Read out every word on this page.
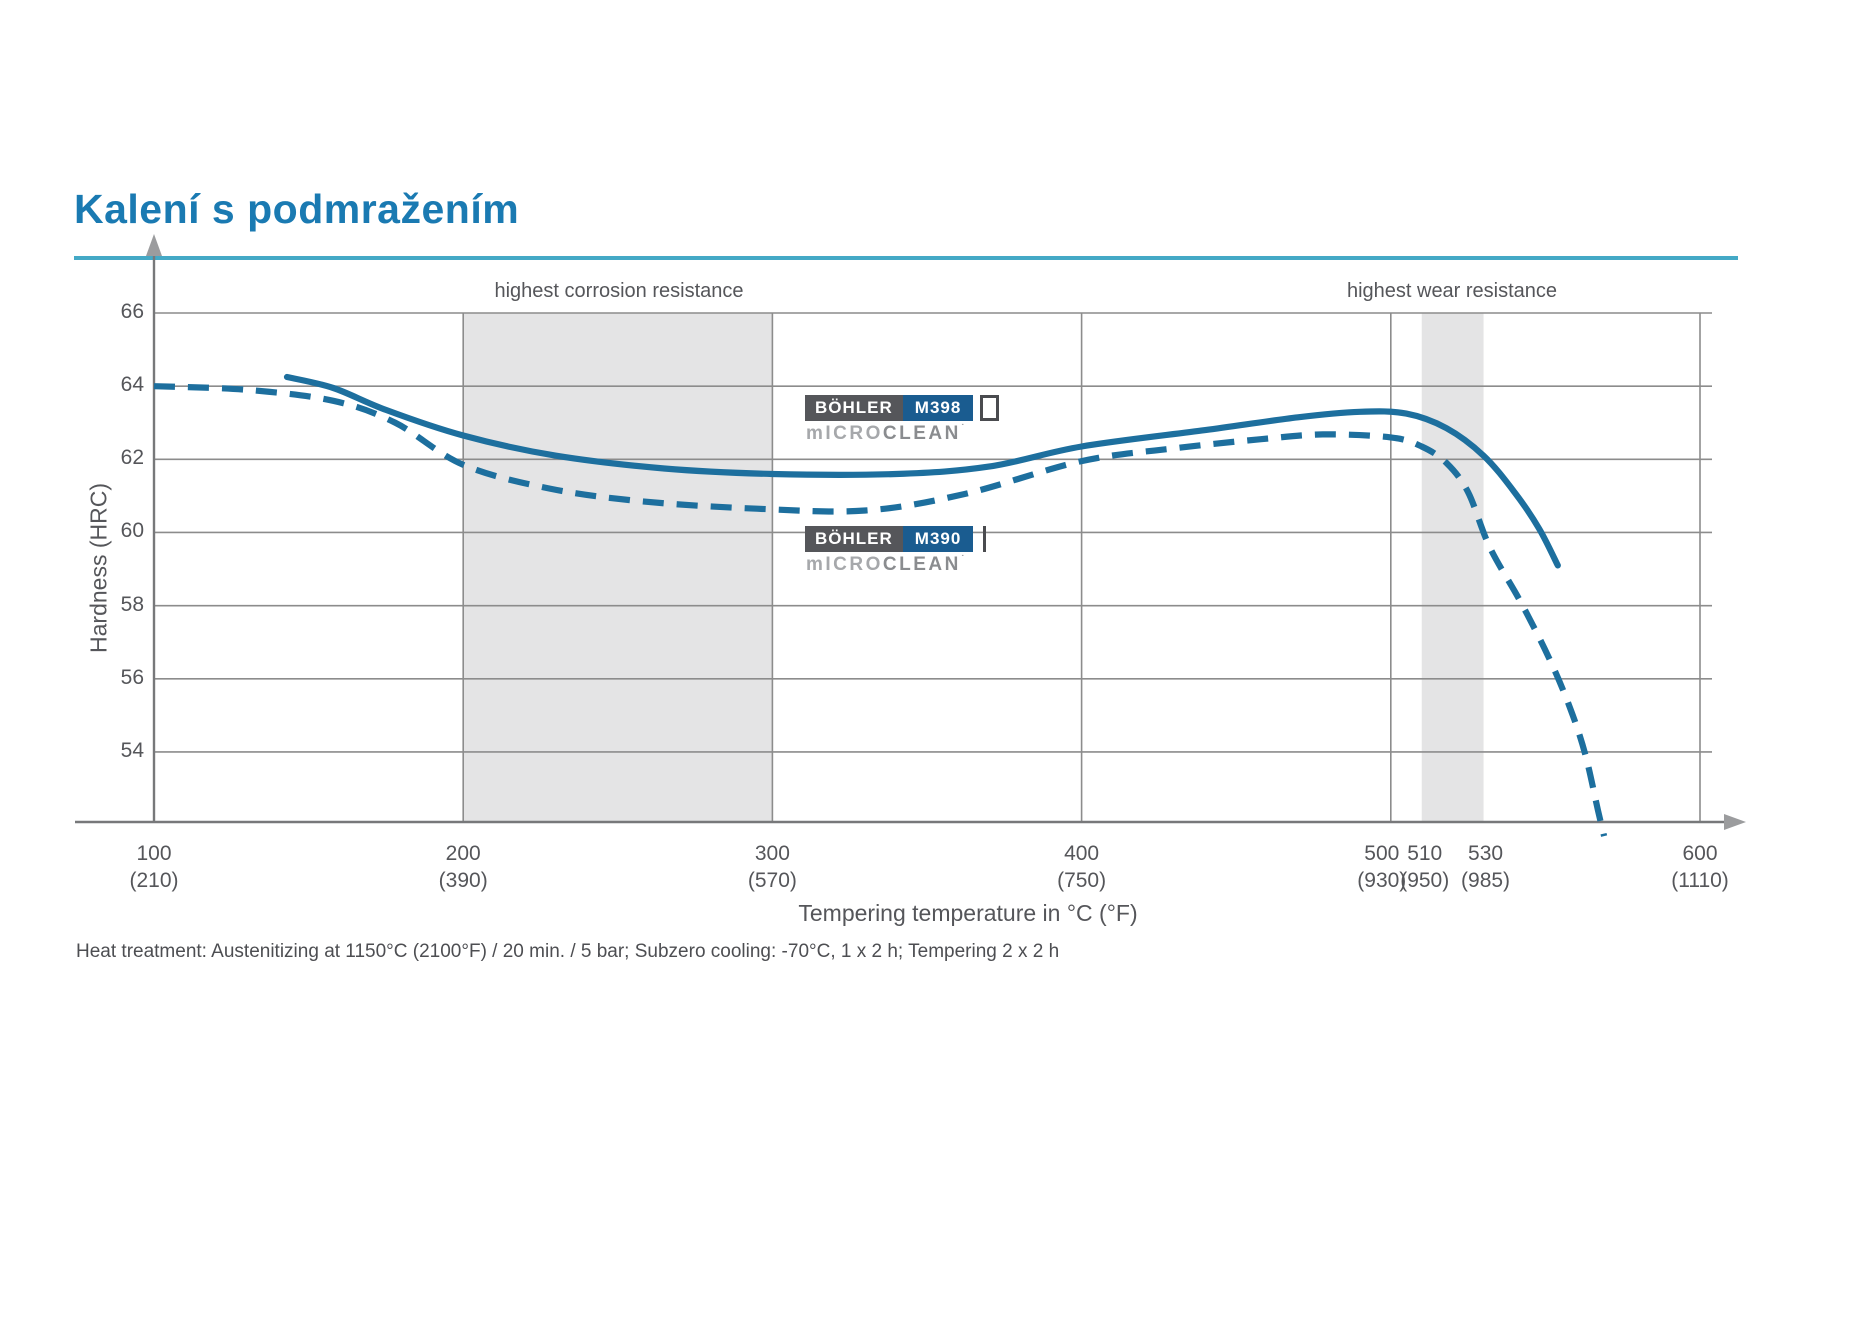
Kalení s podmražením
highest corrosion resistance	highest wear resistance
Hardness (HRC)
Tempering temperature in °C (°F)
66
64
62
60
58
56
54
100
(210)
200
(390)
300
(570)
400
(750)
500
(930)
510
(950)
530
(985)
600
(1110)
BÖHLER	M398
mICROCLEAN˙
BÖHLER	M390
mICROCLEAN˙
Heat treatment: Austenitizing at 1150°C (2100°F) / 20 min. / 5 bar; Subzero cooling: -70°C, 1 x 2 h; Tempering 2 x 2 h
